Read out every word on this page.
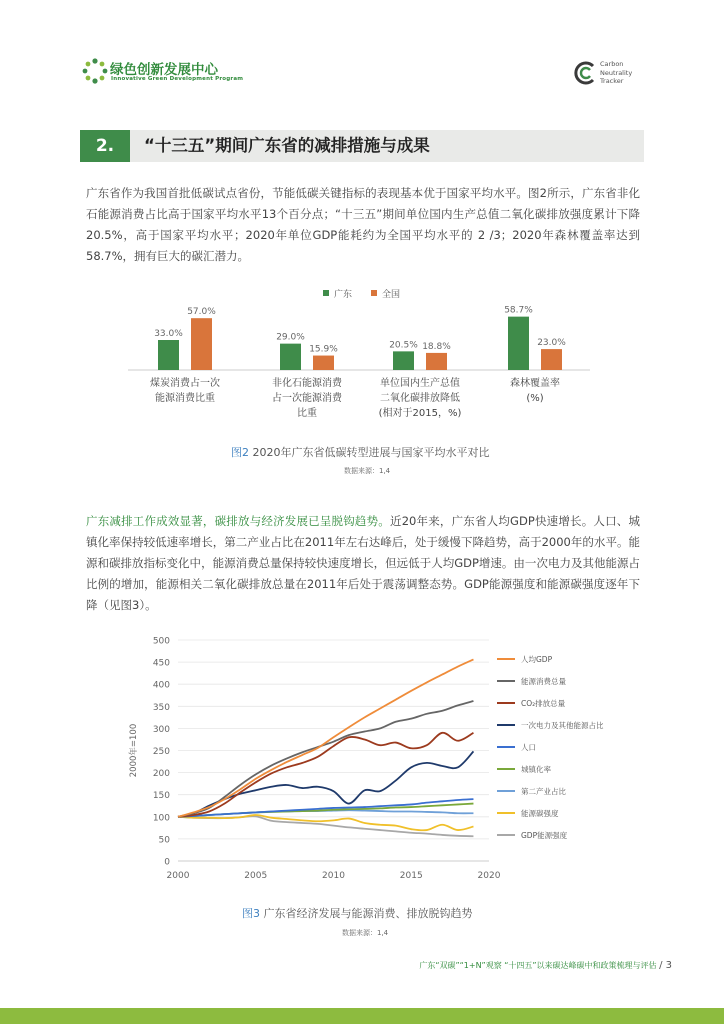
绿色创新发展中心
Innovative Green Development Program
Carbon
Neutrality
Tracker
2.	“十三五”期间广东省的减排措施与成果
广东省作为我国首批低碳试点省份，节能低碳关键指标的表现基本优于国家平均水平。图2所示，广东省非化石能源消费占比高于国家平均水平13个百分点；“十三五”期间单位国内生产总值二氧化碳排放强度累计下降20.5%，高于国家平均水平；2020年单位GDP能耗约为全国平均水平的 2 /3；2020年森林覆盖率达到58.7%，拥有巨大的碳汇潜力。
广东	全国
33.0%
57.0%
煤炭消费占一次能源消费比重
29.0%
15.9%
非化石能源消费占一次能源消费比重
20.5% 18.8%
单位国内生产总值二氧化碳排放降低(相对于2015，%)
58.7%
23.0%
森林覆盖率(%)
图2 2020年广东省低碳转型进展与国家平均水平对比
数据来源：1,4
广东减排工作成效显著，碳排放与经济发展已呈脱钩趋势。近20年来，广东省人均GDP快速增长。人口、城镇化率保持较低速率增长，第二产业占比在2011年左右达峰后，处于缓慢下降趋势，高于2000年的水平。能源和碳排放指标变化中，能源消费总量保持较快速度增长，但远低于人均GDP增速。由一次电力及其他能源占比例的增加，能源相关二氧化碳排放总量在2011年后处于震荡调整态势。GDP能源强度和能源碳强度逐年下降（见图3）。
0
50
100
150
200
250
300
350
400
450
500
2000	2005	2010	2015	2020
2000年=100
人均GDP
能源消费总量
CO₂排放总量
一次电力及其他能源占比
人口
城镇化率
第二产业占比
能源碳强度
GDP能源强度
图3 广东省经济发展与能源消费、排放脱钩趋势
数据来源：1,4
广东“双碳”“1+N”观察 “十四五”以来碳达峰碳中和政策梳理与评估 / 3
